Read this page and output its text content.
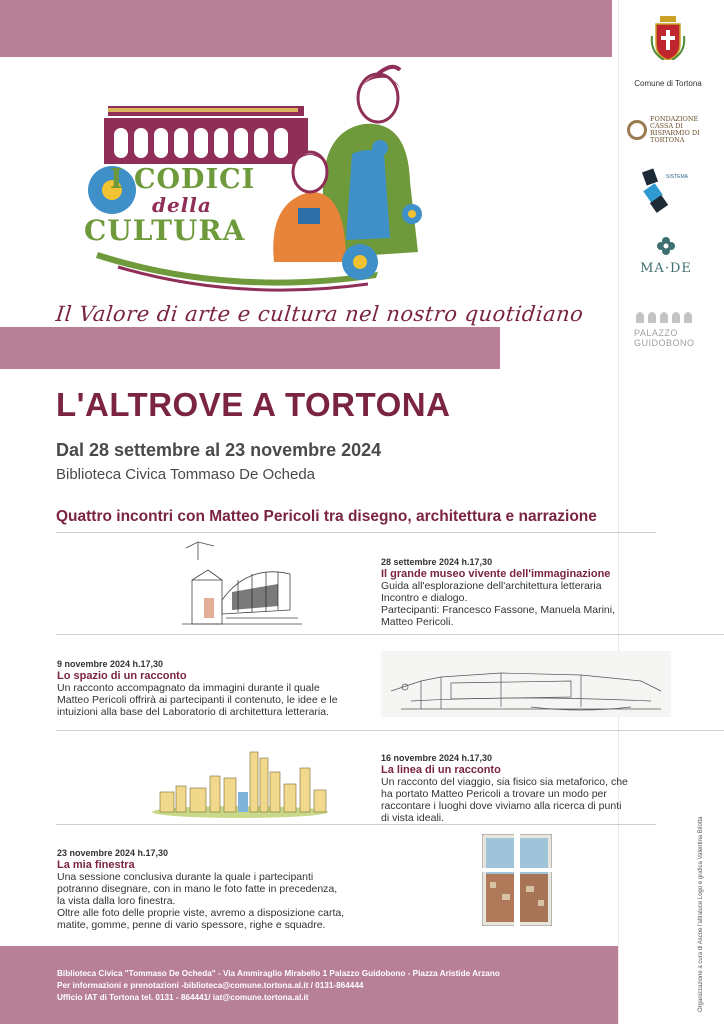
I CODICI
della
CULTURA
Il Valore di arte e cultura nel nostro quotidiano
Comune di Tortona
FONDAZIONE CASSA DI RISPARMIO DI TORTONA
SISTEMA
MA·DE
PALAZZO
GUIDOBONO
L'ALTROVE A TORTONA
Dal 28 settembre al 23 novembre 2024
Biblioteca Civica Tommaso De Ocheda
Quattro incontri con Matteo Pericoli tra disegno, architettura e narrazione
28 settembre 2024 h.17,30
Il grande museo vivente dell'immaginazione
Guida all'esplorazione dell'architettura letteraria
Incontro e dialogo.
Partecipanti: Francesco Fassone, Manuela Marini,
Matteo Pericoli.
9 novembre 2024 h.17,30
Lo spazio di un racconto
Un racconto accompagnato da immagini durante il quale
Matteo Pericoli offrirà ai partecipanti il contenuto, le idee e le
intuizioni alla base del Laboratorio di architettura letteraria.
16 novembre 2024 h.17,30
La linea di un racconto
Un racconto del viaggio, sia fisico sia metaforico, che
ha portato Matteo Pericoli a trovare un modo per
raccontare i luoghi dove viviamo alla ricerca di punti
di vista ideali.
23 novembre 2024 h.17,30
La mia finestra
Una sessione conclusiva durante la quale i partecipanti
potranno disegnare, con in mano le foto fatte in precedenza,
la vista dalla loro finestra.
Oltre alle foto delle proprie viste, avremo a disposizione carta,
matite, gomme, penne di vario spessore, righe e squadre.	Organizzazione a cura di Ascoe l'altraluce Logo e grafica Valentina Bilotta
Biblioteca Civica "Tommaso De Ocheda" - Via Ammiraglio Mirabello 1 Palazzo Guidobono - Piazza Aristide Arzano
Per informazioni e prenotazioni -biblioteca@comune.tortona.al.it / 0131-864444
Ufficio IAT di Tortona tel. 0131 - 864441/ iat@comune.tortona.al.it
